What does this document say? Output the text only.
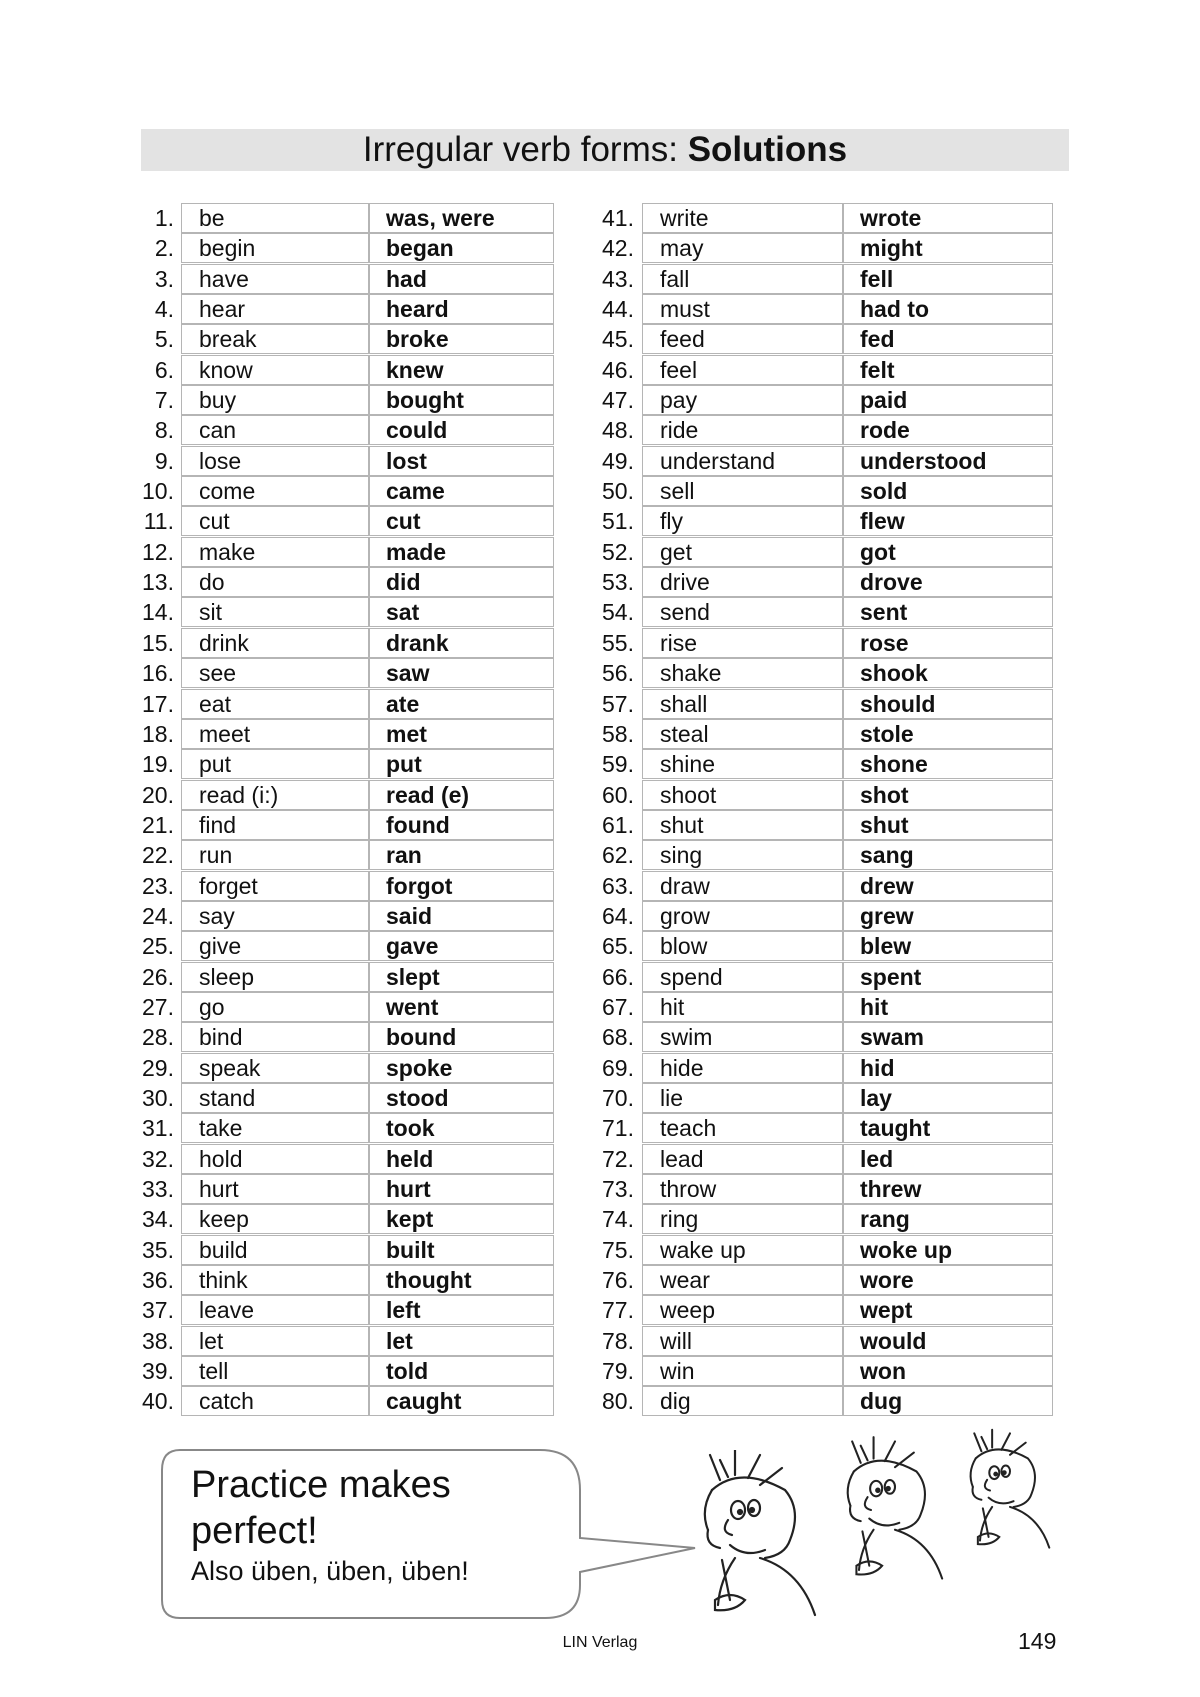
Irregular verb forms: Solutions
1.	be	was, were
2.	begin	began
3.	have	had
4.	hear	heard
5.	break	broke
6.	know	knew
7.	buy	bought
8.	can	could
9.	lose	lost
10.	come	came
11.	cut	cut
12.	make	made
13.	do	did
14.	sit	sat
15.	drink	drank
16.	see	saw
17.	eat	ate
18.	meet	met
19.	put	put
20.	read (i:)	read (e)
21.	find	found
22.	run	ran
23.	forget	forgot
24.	say	said
25.	give	gave
26.	sleep	slept
27.	go	went
28.	bind	bound
29.	speak	spoke
30.	stand	stood
31.	take	took
32.	hold	held
33.	hurt	hurt
34.	keep	kept
35.	build	built
36.	think	thought
37.	leave	left
38.	let	let
39.	tell	told
40.	catch	caught
41.	write	wrote
42.	may	might
43.	fall	fell
44.	must	had to
45.	feed	fed
46.	feel	felt
47.	pay	paid
48.	ride	rode
49.	understand	understood
50.	sell	sold
51.	fly	flew
52.	get	got
53.	drive	drove
54.	send	sent
55.	rise	rose
56.	shake	shook
57.	shall	should
58.	steal	stole
59.	shine	shone
60.	shoot	shot
61.	shut	shut
62.	sing	sang
63.	draw	drew
64.	grow	grew
65.	blow	blew
66.	spend	spent
67.	hit	hit
68.	swim	swam
69.	hide	hid
70.	lie	lay
71.	teach	taught
72.	lead	led
73.	throw	threw
74.	ring	rang
75.	wake up	woke up
76.	wear	wore
77.	weep	wept
78.	will	would
79.	win	won
80.	dig	dug
Practice makes
perfect!
Also üben, üben, üben!
LIN Verlag	149
